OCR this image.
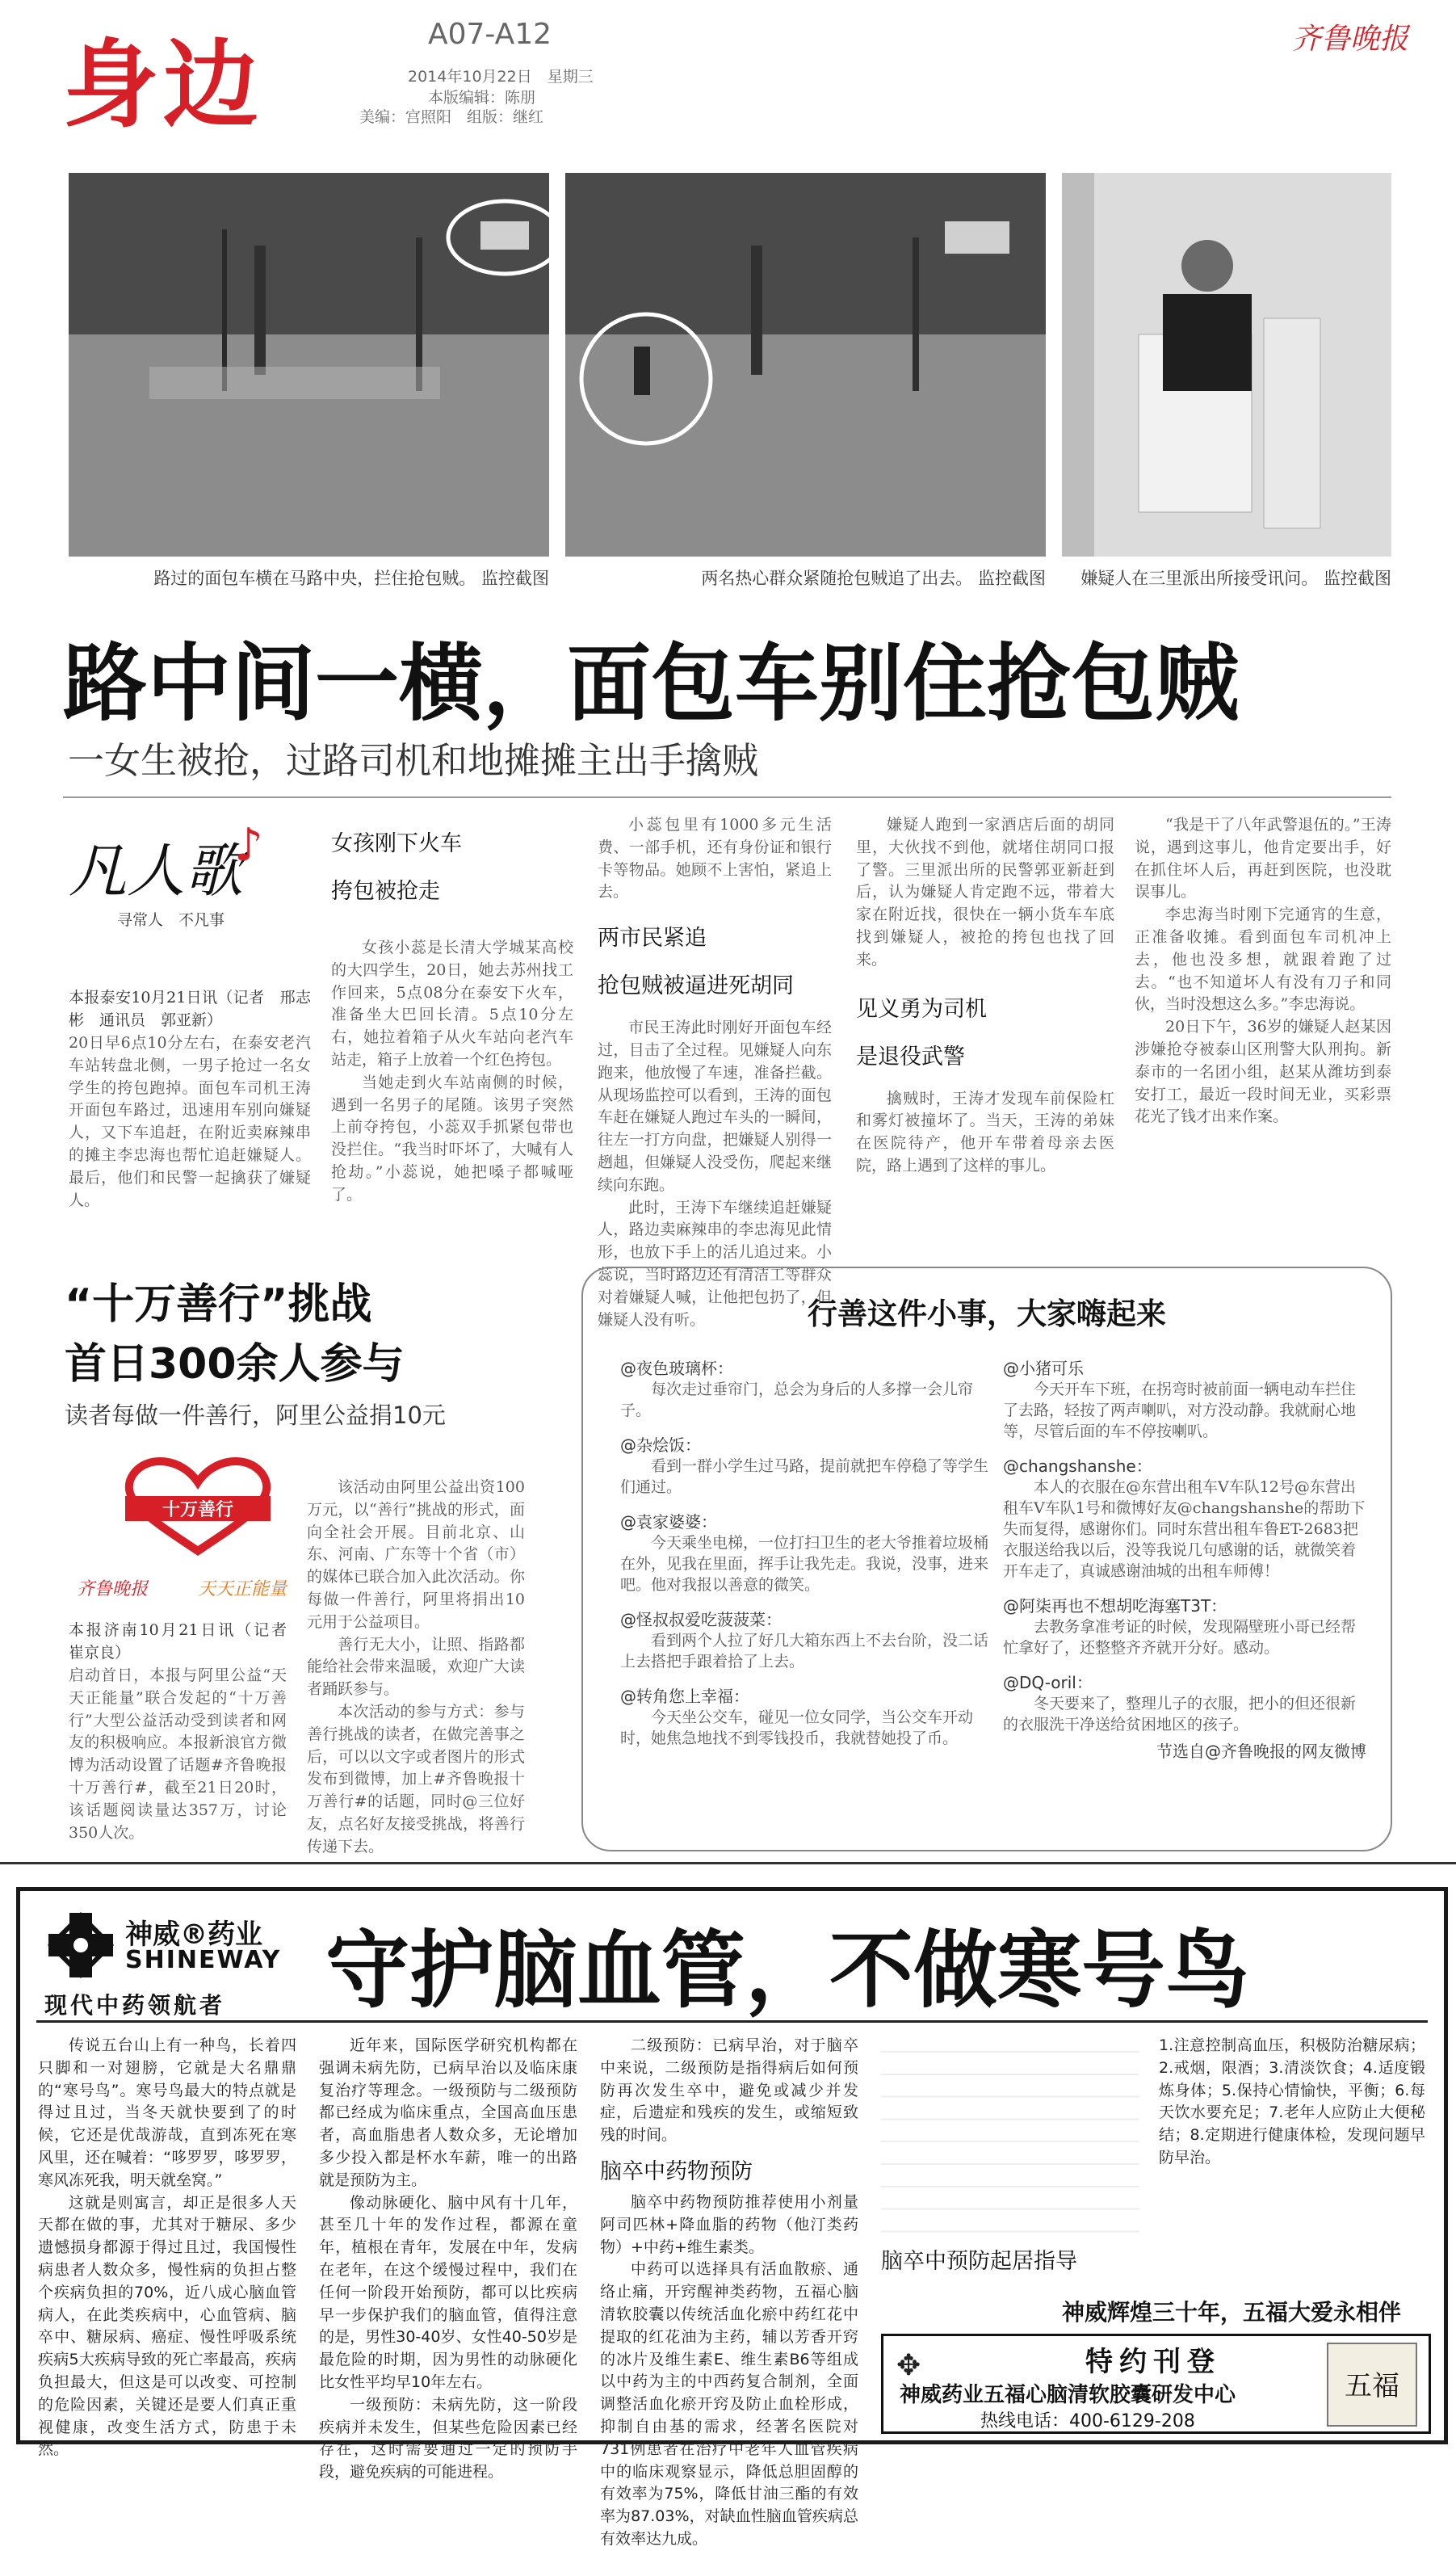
身边	A07-A12
2014年10月22日　星期三
本版编辑：陈朋
美编：宫照阳　组版：继红
齐鲁晚报
路过的面包车横在马路中央，拦住抢包贼。 监控截图	两名热心群众紧随抢包贼追了出去。 监控截图	嫌疑人在三里派出所接受讯问。 监控截图
路中间一横，面包车别住抢包贼
一女生被抢，过路司机和地摊摊主出手擒贼
凡人歌
♪
寻常人　不凡事
本报泰安10月21日讯（记者　邢志彬　通讯员　郭亚新）
20日早6点10分左右，在泰安老汽车站转盘北侧，一男子抢过一名女学生的挎包跑掉。面包车司机王涛开面包车路过，迅速用车别向嫌疑人，又下车追赶，在附近卖麻辣串的摊主李忠海也帮忙追赶嫌疑人。最后，他们和民警一起擒获了嫌疑人。
女孩刚下火车
挎包被抢走
女孩小蕊是长清大学城某高校的大四学生，20日，她去苏州找工作回来，5点08分在泰安下火车，准备坐大巴回长清。5点10分左右，她拉着箱子从火车站向老汽车站走，箱子上放着一个红色挎包。
当她走到火车站南侧的时候，遇到一名男子的尾随。该男子突然上前夺挎包，小蕊双手抓紧包带也没拦住。“我当时吓坏了，大喊有人抢劫。”小蕊说，她把嗓子都喊哑了。
小蕊包里有1000多元生活费、一部手机，还有身份证和银行卡等物品。她顾不上害怕，紧追上去。
两市民紧追
抢包贼被逼进死胡同
市民王涛此时刚好开面包车经过，目击了全过程。见嫌疑人向东跑来，他放慢了车速，准备拦截。从现场监控可以看到，王涛的面包车赶在嫌疑人跑过车头的一瞬间，往左一打方向盘，把嫌疑人别得一趔趄，但嫌疑人没受伤，爬起来继续向东跑。
此时，王涛下车继续追赶嫌疑人，路边卖麻辣串的李忠海见此情形，也放下手上的活儿追过来。小蕊说，当时路边还有清洁工等群众对着嫌疑人喊，让他把包扔了，但嫌疑人没有听。
嫌疑人跑到一家酒店后面的胡同里，大伙找不到他，就堵住胡同口报了警。三里派出所的民警郭亚新赶到后，认为嫌疑人肯定跑不远，带着大家在附近找，很快在一辆小货车车底找到嫌疑人，被抢的挎包也找了回来。
见义勇为司机
是退役武警
擒贼时，王涛才发现车前保险杠和雾灯被撞坏了。当天，王涛的弟妹在医院待产，他开车带着母亲去医院，路上遇到了这样的事儿。
“我是干了八年武警退伍的。”王涛说，遇到这事儿，他肯定要出手，好在抓住坏人后，再赶到医院，也没耽误事儿。
李忠海当时刚下完通宵的生意，正准备收摊。看到面包车司机冲上去，他也没多想，就跟着跑了过去。“也不知道坏人有没有刀子和同伙，当时没想这么多。”李忠海说。
20日下午，36岁的嫌疑人赵某因涉嫌抢夺被泰山区刑警大队刑拘。新泰市的一名团小组，赵某从潍坊到泰安打工，最近一段时间无业，买彩票花光了钱才出来作案。
“十万善行”挑战
首日300余人参与
读者每做一件善行，阿里公益捐10元
十万善行
齐鲁晚报	天天正能量
本报济南10月21日讯（记者　崔京良）
启动首日，本报与阿里公益“天天正能量”联合发起的“十万善行”大型公益活动受到读者和网友的积极响应。本报新浪官方微博为活动设置了话题#齐鲁晚报十万善行#，截至21日20时，该话题阅读量达357万，讨论350人次。
该活动由阿里公益出资100万元，以“善行”挑战的形式，面向全社会开展。目前北京、山东、河南、广东等十个省（市）的媒体已联合加入此次活动。你每做一件善行，阿里将捐出10元用于公益项目。
善行无大小，让照、指路都能给社会带来温暖，欢迎广大读者踊跃参与。
本次活动的参与方式：参与善行挑战的读者，在做完善事之后，可以以文字或者图片的形式发布到微博，加上#齐鲁晚报十万善行#的话题，同时@三位好友，点名好友接受挑战，将善行传递下去。
行善这件小事，大家嗨起来
@夜色玻璃杯：
每次走过垂帘门，总会为身后的人多撑一会儿帘子。
@杂烩饭：
看到一群小学生过马路，提前就把车停稳了等学生们通过。
@袁家婆婆：
今天乘坐电梯，一位打扫卫生的老大爷推着垃圾桶在外，见我在里面，挥手让我先走。我说，没事，进来吧。他对我报以善意的微笑。
@怪叔叔爱吃菠菠菜：
看到两个人拉了好几大箱东西上不去台阶，没二话上去搭把手跟着拾了上去。
@转角您上幸福：
今天坐公交车，碰见一位女同学，当公交车开动时，她焦急地找不到零钱投币，我就替她投了币。
@小猪可乐
今天开车下班，在拐弯时被前面一辆电动车拦住了去路，轻按了两声喇叭，对方没动静。我就耐心地等，尽管后面的车不停按喇叭。
@changshanshe：
本人的衣服在@东营出租车V车队12号@东营出租车V车队1号和微博好友@changshanshe的帮助下失而复得，感谢你们。同时东营出租车鲁ET-2683把衣服送给我以后，没等我说几句感谢的话，就微笑着开车走了，真诚感谢油城的出租车师傅！
@阿柒再也不想胡吃海塞T3T：
去教务拿准考证的时候，发现隔壁班小哥已经帮忙拿好了，还整整齐齐就开分好。感动。
@DQ-oril：
冬天要来了，整理儿子的衣服，把小的但还很新的衣服洗干净送给贫困地区的孩子。
节选自@齐鲁晚报的网友微博
神威®药业
SHINEWAY
现代中药领航者 守护脑血管，不做寒号鸟
传说五台山上有一种鸟，长着四只脚和一对翅膀，它就是大名鼎鼎的“寒号鸟”。寒号鸟最大的特点就是得过且过，当冬天就快要到了的时候，它还是优哉游哉，直到冻死在寒风里，还在喊着：“哆罗罗，哆罗罗，寒风冻死我，明天就垒窝。”
这就是则寓言，却正是很多人天天都在做的事，尤其对于糖尿、多少遗憾损身都源于得过且过，我国慢性病患者人数众多，慢性病的负担占整个疾病负担的70%，近八成心脑血管病人，在此类疾病中，心血管病、脑卒中、糖尿病、癌症、慢性呼吸系统疾病5大疾病导致的死亡率最高，疾病负担最大，但这是可以改变、可控制的危险因素，关键还是要人们真正重视健康，改变生活方式，防患于未然。
近年来，国际医学研究机构都在强调未病先防，已病早治以及临床康复治疗等理念。一级预防与二级预防都已经成为临床重点，全国高血压患者，高血脂患者人数众多，无论增加多少投入都是杯水车薪，唯一的出路就是预防为主。
像动脉硬化、脑中风有十几年，甚至几十年的发作过程，都源在童年，植根在青年，发展在中年，发病在老年，在这个缓慢过程中，我们在任何一阶段开始预防，都可以比疾病早一步保护我们的脑血管，值得注意的是，男性30-40岁、女性40-50岁是最危险的时期，因为男性的动脉硬化比女性平均早10年左右。
一级预防：未病先防，这一阶段疾病并未发生，但某些危险因素已经存在，这时需要通过一定的预防手段，避免疾病的可能进程。
二级预防：已病早治，对于脑卒中来说，二级预防是指得病后如何预防再次发生卒中，避免或减少并发症，后遗症和残疾的发生，或缩短致残的时间。
脑卒中药物预防
脑卒中药物预防推荐使用小剂量阿司匹林+降血脂的药物（他汀类药物）+中药+维生素类。
中药可以选择具有活血散瘀、通络止痛，开窍醒神类药物，五福心脑清软胶囊以传统活血化瘀中药红花中提取的红花油为主药，辅以芳香开窍的冰片及维生素E、维生素B6等组成以中药为主的中西药复合制剂，全面调整活血化瘀开窍及防止血栓形成，抑制自由基的需求，经著名医院对731例患者在治疗中老年人血管疾病中的临床观察显示，降低总胆固醇的有效率为75%，降低甘油三酯的有效率为87.03%，对缺血性脑血管疾病总有效率达九成。
脑卒中预防起居指导
1.注意控制高血压，积极防治糖尿病；2.戒烟，限酒；3.清淡饮食；4.适度锻炼身体；5.保持心情愉快，平衡；6.每天饮水要充足；7.老年人应防止大便秘结；8.定期进行健康体检，发现问题早防早治。
神威辉煌三十年，五福大爱永相伴
✥	特约刊登
神威药业五福心脑清软胶囊研发中心
热线电话：400-6129-208
五福
